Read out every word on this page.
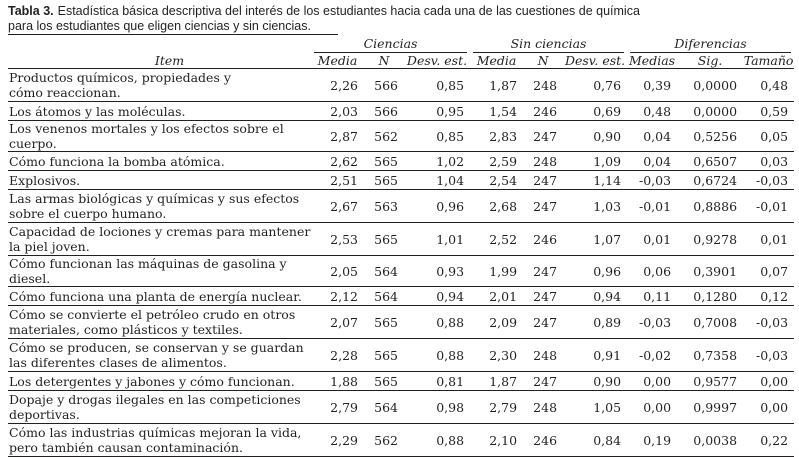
Tabla 3. Estadística básica descriptiva del interés de los estudiantes hacia cada una de las cuestiones de química
para los estudiantes que eligen ciencias y sin ciencias.

	Ciencias			Sin ciencias			Diferencias		

Item	Media	N	Desv. est.	Media	N	Desv. est.	Medias	Sig.	Tamaño
Productos químicos, propiedades y
cómo reaccionan.	2,26	566	0,85	1,87	248	0,76	0,39	0,0000	0,48
Los átomos y las moléculas.	2,03	566	0,95	1,54	246	0,69	0,48	0,0000	0,59
Los venenos mortales y los efectos sobre el cuerpo.	2,87	562	0,85	2,83	247	0,90	0,04	0,5256	0,05
Cómo funciona la bomba atómica.	2,62	565	1,02	2,59	248	1,09	0,04	0,6507	0,03
Explosivos.	2,51	565	1,04	2,54	247	1,14	-0,03	0,6724	-0,03
Las armas biológicas y químicas y sus efectos
sobre el cuerpo humano.	2,67	563	0,96	2,68	247	1,03	-0,01	0,8886	-0,01
Capacidad de lociones y cremas para mantener
la piel joven.	2,53	565	1,01	2,52	246	1,07	0,01	0,9278	0,01
Cómo funcionan las máquinas de gasolina y diesel.	2,05	564	0,93	1,99	247	0,96	0,06	0,3901	0,07
Cómo funciona una planta de energía nuclear.	2,12	564	0,94	2,01	247	0,94	0,11	0,1280	0,12
Cómo se convierte el petróleo crudo en otros
materiales, como plásticos y textiles.	2,07	565	0,88	2,09	247	0,89	-0,03	0,7008	-0,03
Cómo se producen, se conservan y se guardan
las diferentes clases de alimentos.	2,28	565	0,88	2,30	248	0,91	-0,02	0,7358	-0,03
Los detergentes y jabones y cómo funcionan.	1,88	565	0,81	1,87	247	0,90	0,00	0,9577	0,00
Dopaje y drogas ilegales en las competiciones
deportivas.	2,79	564	0,98	2,79	248	1,05	0,00	0,9997	0,00
Cómo las industrias químicas mejoran la vida,
pero también causan contaminación.	2,29	562	0,88	2,10	246	0,84	0,19	0,0038	0,22
